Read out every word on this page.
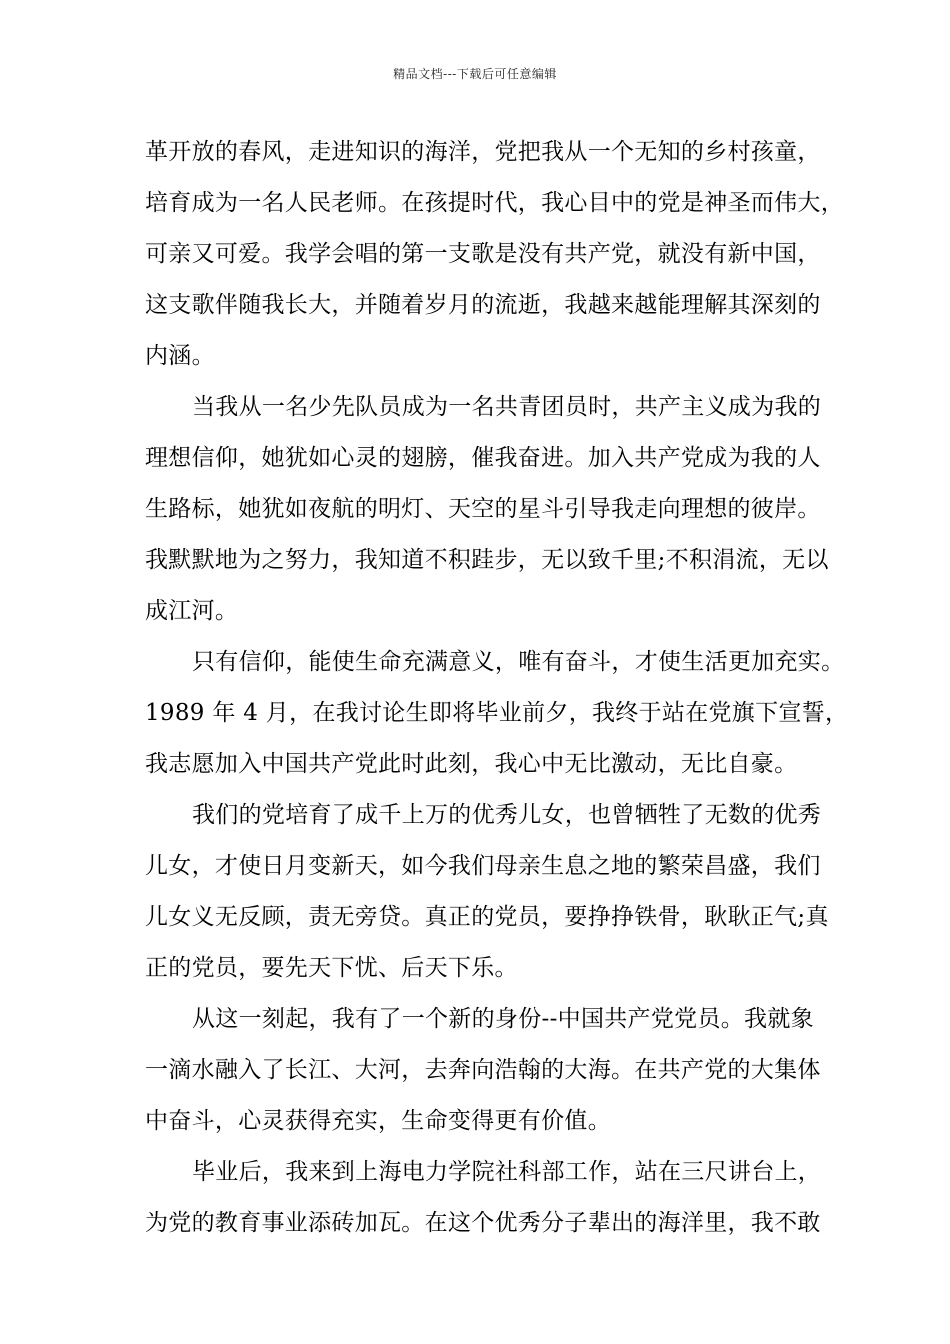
精品文档---下载后可任意编辑

革开放的春风，走进知识的海洋，党把我从一个无知的乡村孩童，
培育成为一名人民老师。在孩提时代，我心目中的党是神圣而伟大，
可亲又可爱。我学会唱的第一支歌是没有共产党，就没有新中国，
这支歌伴随我长大，并随着岁月的流逝，我越来越能理解其深刻的
内涵。

当我从一名少先队员成为一名共青团员时，共产主义成为我的
理想信仰，她犹如心灵的翅膀，催我奋进。加入共产党成为我的人
生路标，她犹如夜航的明灯、天空的星斗引导我走向理想的彼岸。
我默默地为之努力，我知道不积跬步，无以致千里;不积涓流，无以
成江河。

只有信仰，能使生命充满意义，唯有奋斗，才使生活更加充实。
1989 年 4 月，在我讨论生即将毕业前夕，我终于站在党旗下宣誓，
我志愿加入中国共产党此时此刻，我心中无比激动，无比自豪。

我们的党培育了成千上万的优秀儿女，也曾牺牲了无数的优秀
儿女，才使日月变新天，如今我们母亲生息之地的繁荣昌盛，我们
儿女义无反顾，责无旁贷。真正的党员，要挣挣铁骨，耿耿正气;真
正的党员，要先天下忧、后天下乐。

从这一刻起，我有了一个新的身份--中国共产党党员。我就象
一滴水融入了长江、大河，去奔向浩翰的大海。在共产党的大集体
中奋斗，心灵获得充实，生命变得更有价值。

毕业后，我来到上海电力学院社科部工作，站在三尺讲台上，
为党的教育事业添砖加瓦。在这个优秀分子辈出的海洋里，我不敢
